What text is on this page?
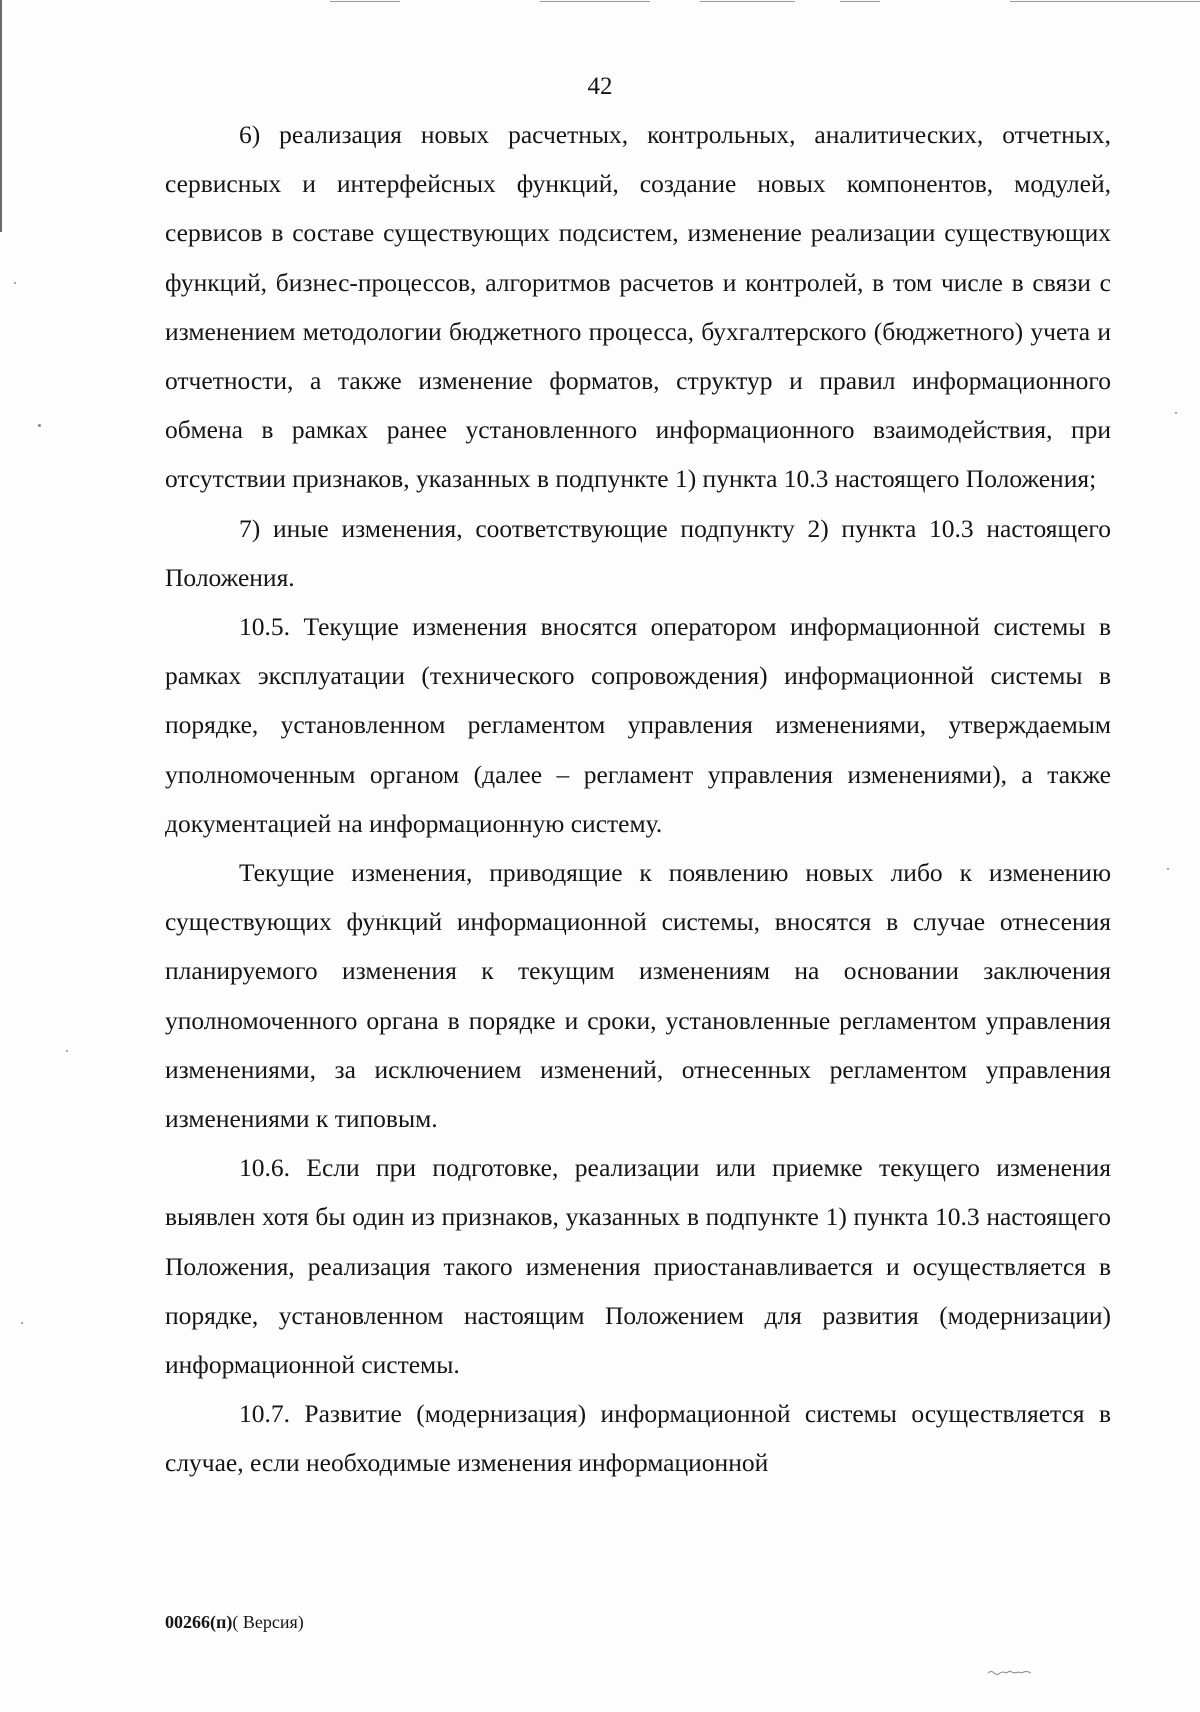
42

6) реализация новых расчетных, контрольных, аналитических, отчетных, сервисных и интерфейсных функций, создание новых компонентов, модулей, сервисов в составе существующих подсистем, изменение реализации существующих функций, бизнес-процессов, алгоритмов расчетов и контролей, в том числе в связи с изменением методологии бюджетного процесса, бухгалтерского (бюджетного) учета и отчетности, а также изменение форматов, структур и правил информационного обмена в рамках ранее установленного информационного взаимодействия, при отсутствии признаков, указанных в подпункте 1) пункта 10.3 настоящего Положения;

7) иные изменения, соответствующие подпункту 2) пункта 10.3 настоящего Положения.

10.5. Текущие изменения вносятся оператором информационной системы в рамках эксплуатации (технического сопровождения) информационной системы в порядке, установленном регламентом управления изменениями, утверждаемым уполномоченным органом (далее – регламент управления изменениями), а также документацией на информационную систему.

Текущие изменения, приводящие к появлению новых либо к изменению существующих функций информационной системы, вносятся в случае отнесения планируемого изменения к текущим изменениям на основании заключения уполномоченного органа в порядке и сроки, установленные регламентом управления изменениями, за исключением изменений, отнесенных регламентом управления изменениями к типовым.

10.6. Если при подготовке, реализации или приемке текущего изменения выявлен хотя бы один из признаков, указанных в подпункте 1) пункта 10.3 настоящего Положения, реализация такого изменения приостанавливается и осуществляется в порядке, установленном настоящим Положением для развития (модернизации) информационной системы.

10.7. Развитие (модернизация) информационной системы осуществляется в случае, если необходимые изменения информационной

00266(п)( Версия)
